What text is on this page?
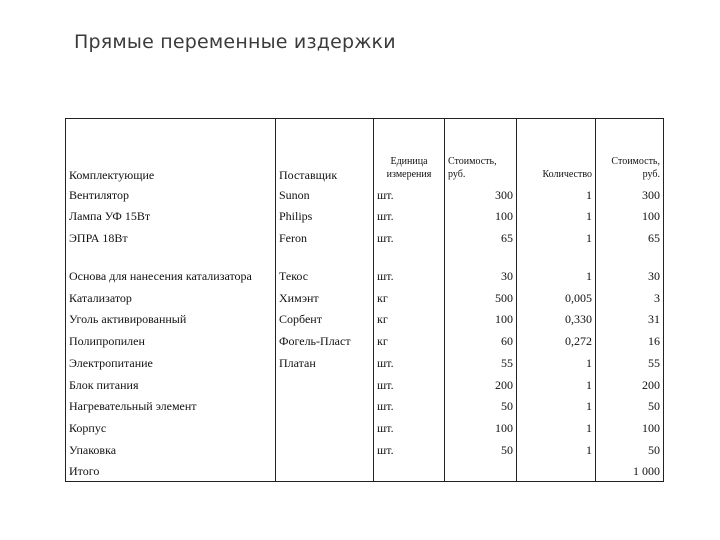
Прямые переменные издержки
Комплектующие	Поставщик	Единица измерения	Стоимость, руб.	Количество	Стоимость, руб.
Вентилятор	Sunon	шт.	300	1	300
Лампа УФ 15Вт	Philips	шт.	100	1	100
ЭПРА 18Вт	Feron	шт.	65	1	65
Основа для нанесения катализатора	Текос	шт.	30	1	30
Катализатор	Химэнт	кг	500	0,005	3
Уголь активированный	Сорбент	кг	100	0,330	31
Полипропилен	Фогель-Пласт	кг	60	0,272	16
Электропитание	Платан	шт.	55	1	55
Блок питания		шт.	200	1	200
Нагревательный элемент		шт.	50	1	50
Корпус		шт.	100	1	100
Упаковка		шт.	50	1	50
Итого					1 000
